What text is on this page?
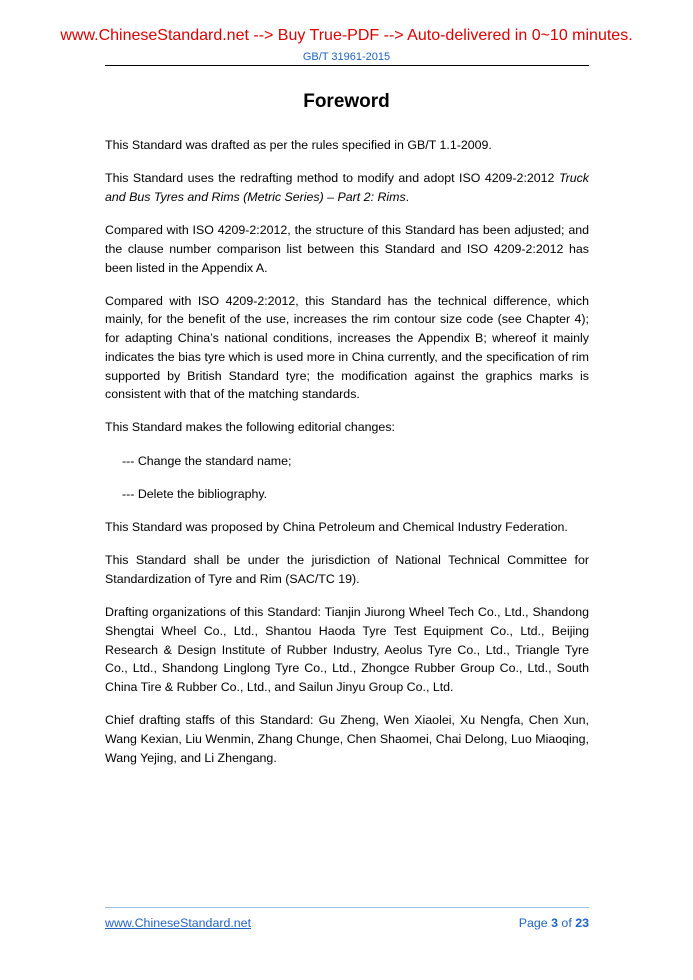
www.ChineseStandard.net --> Buy True-PDF --> Auto-delivered in 0~10 minutes.
GB/T 31961-2015
Foreword

This Standard was drafted as per the rules specified in GB/T 1.1-2009.

This Standard uses the redrafting method to modify and adopt ISO 4209-2:2012 Truck and Bus Tyres and Rims (Metric Series) – Part 2: Rims.

Compared with ISO 4209-2:2012, the structure of this Standard has been adjusted; and the clause number comparison list between this Standard and ISO 4209-2:2012 has been listed in the Appendix A.

Compared with ISO 4209-2:2012, this Standard has the technical difference, which mainly, for the benefit of the use, increases the rim contour size code (see Chapter 4); for adapting China’s national conditions, increases the Appendix B; whereof it mainly indicates the bias tyre which is used more in China currently, and the specification of rim supported by British Standard tyre; the modification against the graphics marks is consistent with that of the matching standards.

This Standard makes the following editorial changes:

--- Change the standard name;

--- Delete the bibliography.

This Standard was proposed by China Petroleum and Chemical Industry Federation.

This Standard shall be under the jurisdiction of National Technical Committee for Standardization of Tyre and Rim (SAC/TC 19).

Drafting organizations of this Standard: Tianjin Jiurong Wheel Tech Co., Ltd., Shandong Shengtai Wheel Co., Ltd., Shantou Haoda Tyre Test Equipment Co., Ltd., Beijing Research & Design Institute of Rubber Industry, Aeolus Tyre Co., Ltd., Triangle Tyre Co., Ltd., Shandong Linglong Tyre Co., Ltd., Zhongce Rubber Group Co., Ltd., South China Tire & Rubber Co., Ltd., and Sailun Jinyu Group Co., Ltd.

Chief drafting staffs of this Standard: Gu Zheng, Wen Xiaolei, Xu Nengfa, Chen Xun, Wang Kexian, Liu Wenmin, Zhang Chunge, Chen Shaomei, Chai Delong, Luo Miaoqing, Wang Yejing, and Li Zhengang.

www.ChineseStandard.net	Page 3 of 23
